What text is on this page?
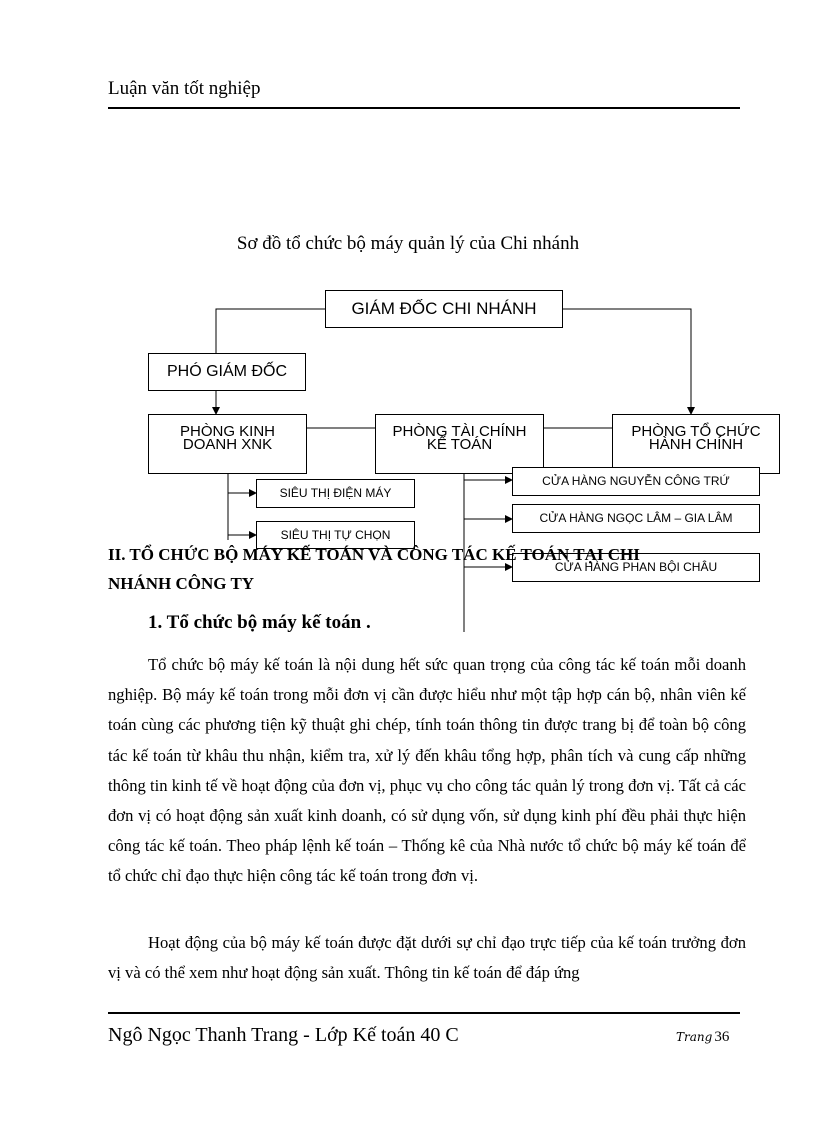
Luận văn tốt nghiệp
Sơ đồ tổ chức bộ máy quản lý của Chi nhánh
GIÁM ĐỐC CHI NHÁNH
PHÓ GIÁM ĐỐC
PHÒNG KINH
DOANH XNK
PHÒNG TÀI CHÍNH
KẾ TOÁN
PHÒNG TỔ CHỨC
HÀNH CHÍNH
SIÊU THỊ ĐIỆN MÁY
SIÊU THỊ TỰ CHỌN
CỬA HÀNG NGUYỄN CÔNG TRỨ
CỬA HÀNG NGỌC LÂM – GIA LÂM
CỬA HÀNG PHAN BỘI CHÂU
II. TỔ CHỨC BỘ MÁY KẾ TOÁN VÀ CÔNG TÁC KẾ TOÁN TẠI CHI
NHÁNH CÔNG TY
1. Tổ chức bộ máy kế toán .
Tổ chức bộ máy kế toán là nội dung hết sức quan trọng của công tác kế toán mỗi doanh nghiệp. Bộ máy kế toán trong mỗi đơn vị cần được hiểu như một tập hợp cán bộ, nhân viên kế toán cùng các phương tiện kỹ thuật ghi chép, tính toán thông tin được trang bị để toàn bộ công tác kế toán từ khâu thu nhận, kiểm tra, xử lý đến khâu tổng hợp, phân tích và cung cấp những thông tin kinh tế về hoạt động của đơn vị, phục vụ cho công tác quản lý trong đơn vị. Tất cả các đơn vị có hoạt động sản xuất kinh doanh, có sử dụng vốn, sử dụng kinh phí đều phải thực hiện công tác kế toán. Theo pháp lệnh kế toán – Thống kê của Nhà nước tổ chức bộ máy kế toán để tổ chức chỉ đạo thực hiện công tác kế toán trong đơn vị.
Hoạt động của bộ máy kế toán được đặt dưới sự chỉ đạo trực tiếp của kế toán trưởng đơn vị và có thể xem như hoạt động sản xuất. Thông tin kế toán để đáp ứng
Ngô Ngọc Thanh Trang - Lớp Kế toán 40 C	Trang 36
